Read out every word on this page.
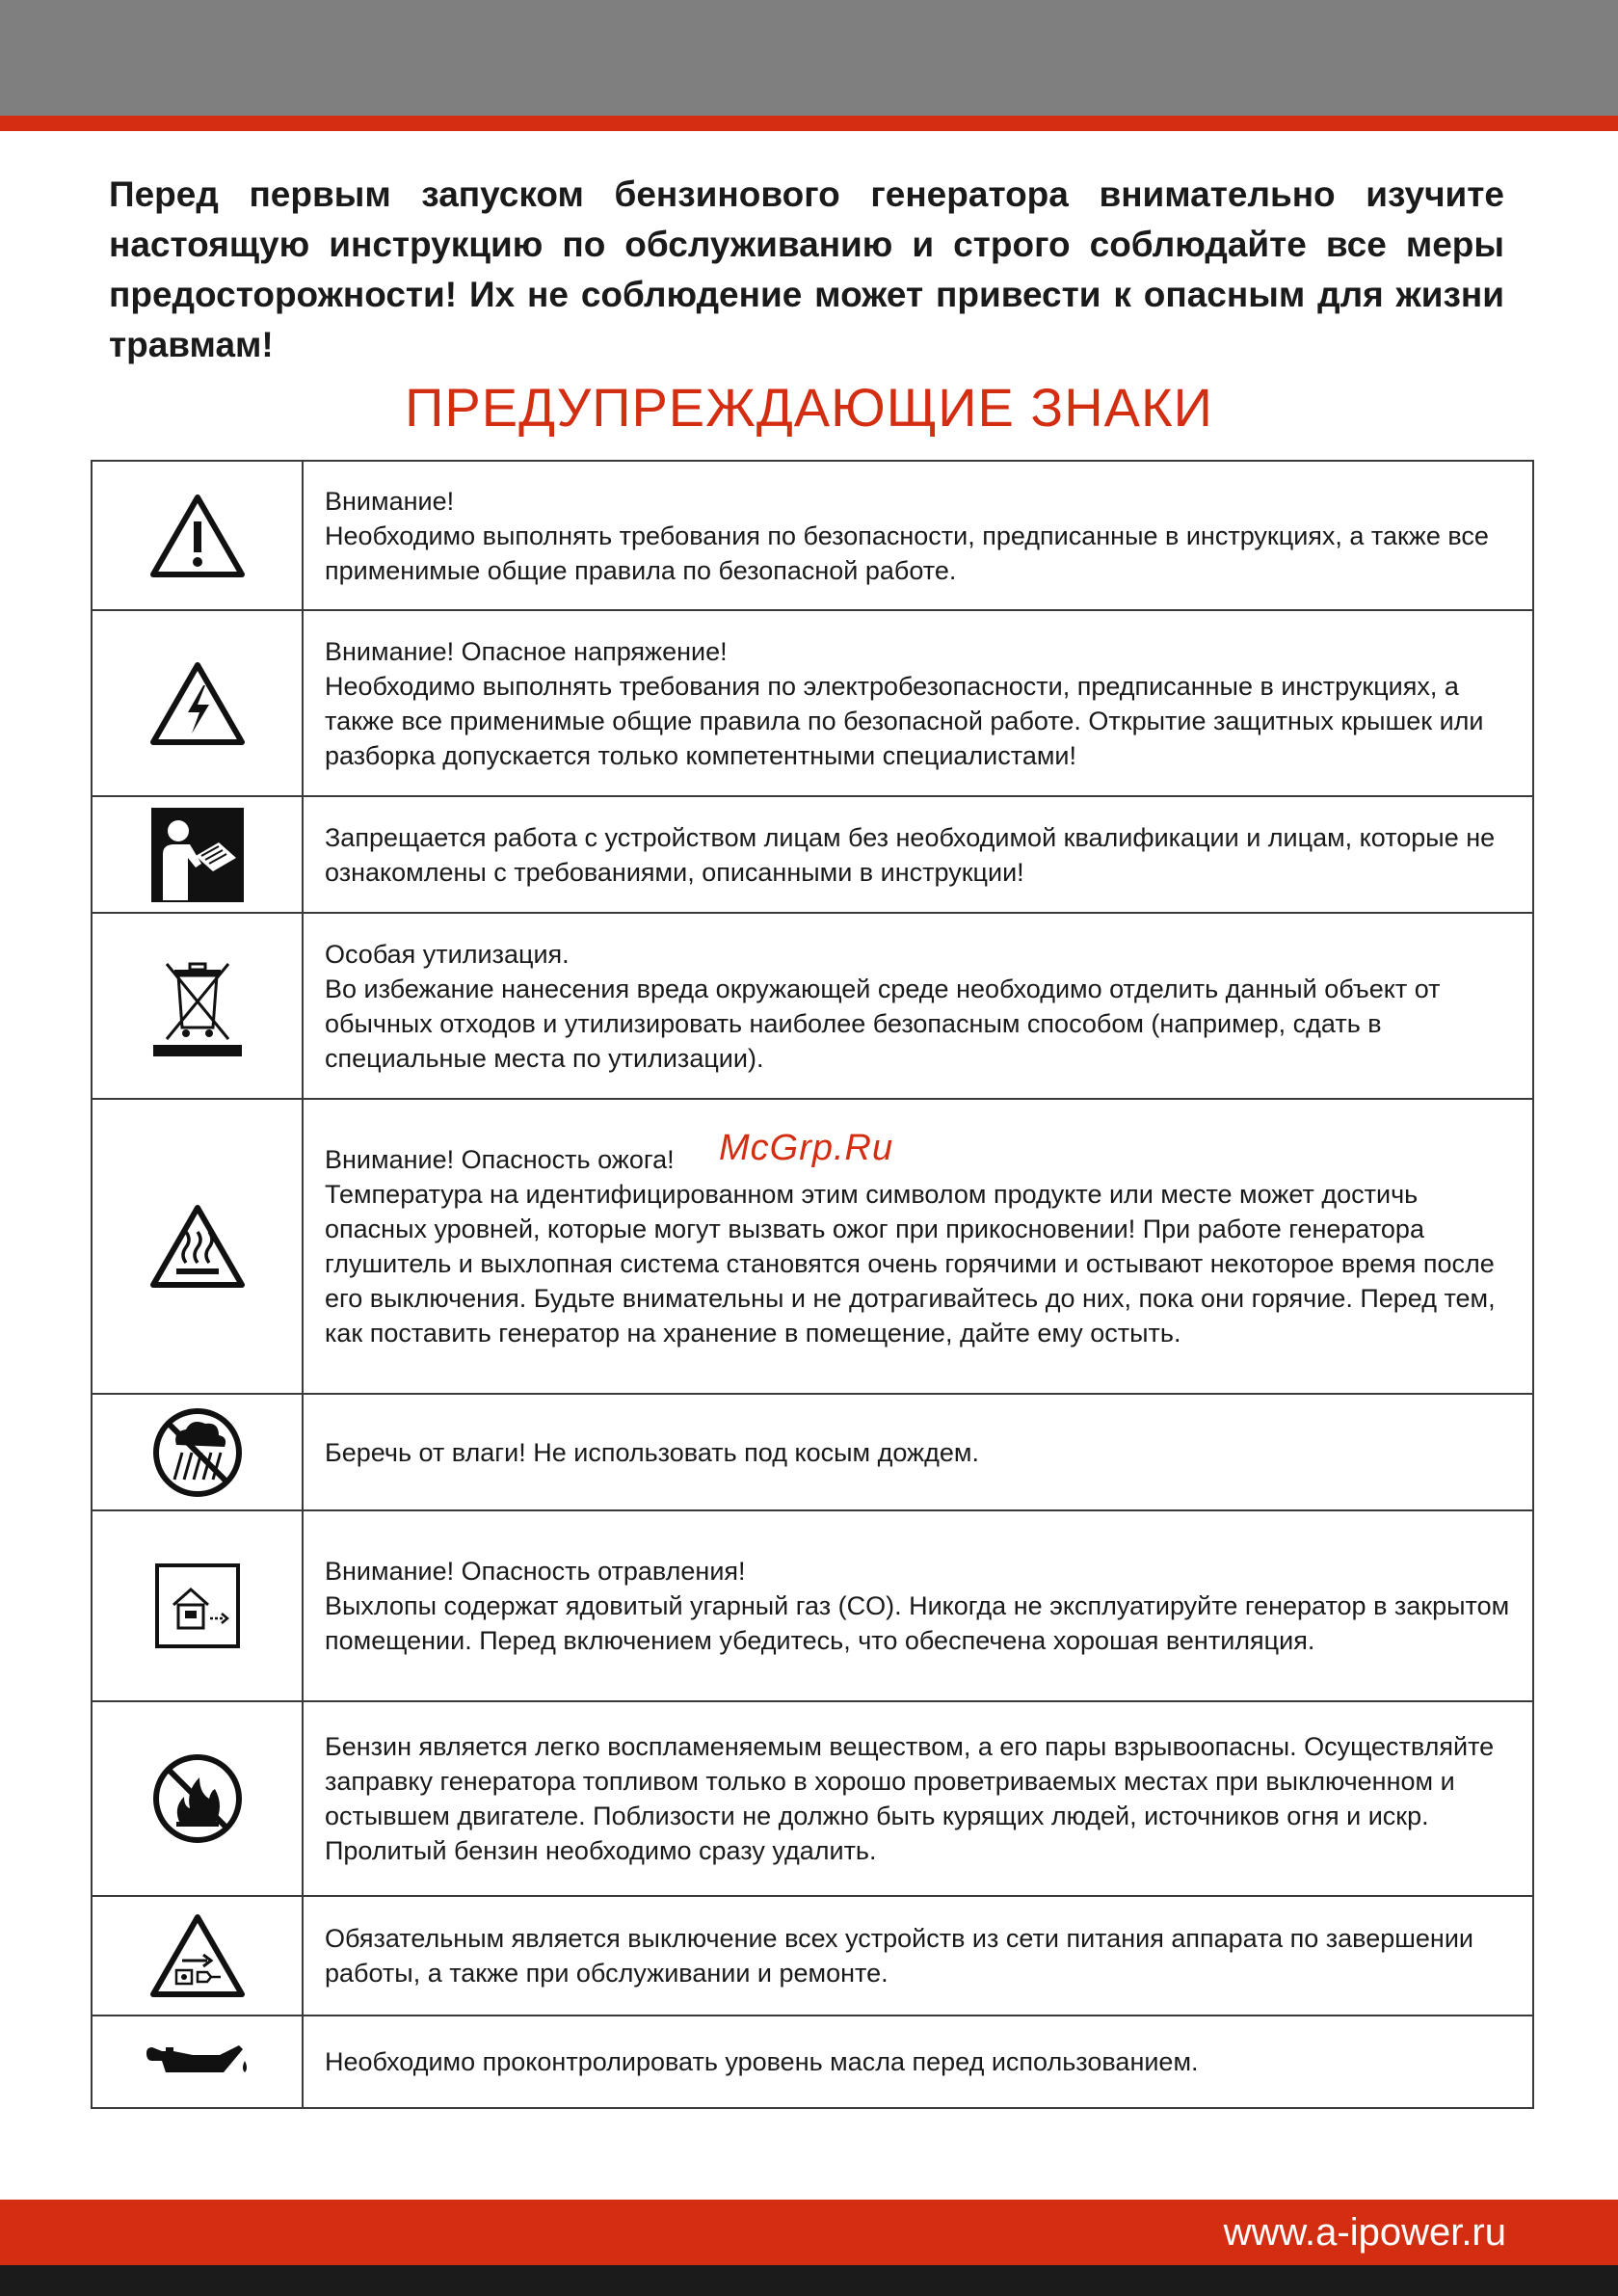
Перед первым запуском бензинового генератора внимательно изучите настоящую инструкцию по обслуживанию и строго соблюдайте все меры предосторожности! Их не соблюдение может привести к опасным для жизни травмам!

ПРЕДУПРЕЖДАЮЩИЕ ЗНАКИ

Внимание!
Необходимо выполнять требования по безопасности, предписанные в инструкциях, а также все применимые общие правила по безопасной работе.

Внимание! Опасное напряжение!
Необходимо выполнять требования по электробезопасности, предписанные в инструкциях, а также все применимые общие правила по безопасной работе. Открытие защитных крышек или разборка допускается только компетентными специалистами!

Запрещается работа с устройством лицам без необходимой квалификации и лицам, которые не ознакомлены с требованиями, описанными в инструкции!

Особая утилизация.
Во избежание нанесения вреда окружающей среде необходимо отделить данный объект от обычных отходов и утилизировать наиболее безопасным способом (например, сдать в специальные места по утилизации).

Внимание! Опасность ожога!
Температура на идентифицированном этим символом продукте или месте может достичь опасных уровней, которые могут вызвать ожог при прикосновении! При работе генератора глушитель и выхлопная система становятся очень горячими и остывают некоторое время после его выключения. Будьте внимательны и не дотрагивайтесь до них, пока они горячие. Перед тем, как поставить генератор на хранение в помещение, дайте ему остыть.

Беречь от влаги! Не использовать под косым дождем.

Внимание! Опасность отравления!
Выхлопы содержат ядовитый угарный газ (CO). Никогда не эксплуатируйте генератор в закрытом помещении. Перед включением убедитесь, что обеспечена хорошая вентиляция.

Бензин является легко воспламеняемым веществом, а его пары взрывоопасны. Осуществляйте заправку генератора топливом только в хорошо проветриваемых местах при выключенном и остывшем двигателе. Поблизости не должно быть курящих людей, источников огня и искр. Пролитый бензин необходимо сразу удалить.

Обязательным является выключение всех устройств из сети питания аппарата по завершении работы, а также при обслуживании и ремонте.

Необходимо проконтролировать уровень масла перед использованием.
McGrp.Ru
www.a-ipower.ru
